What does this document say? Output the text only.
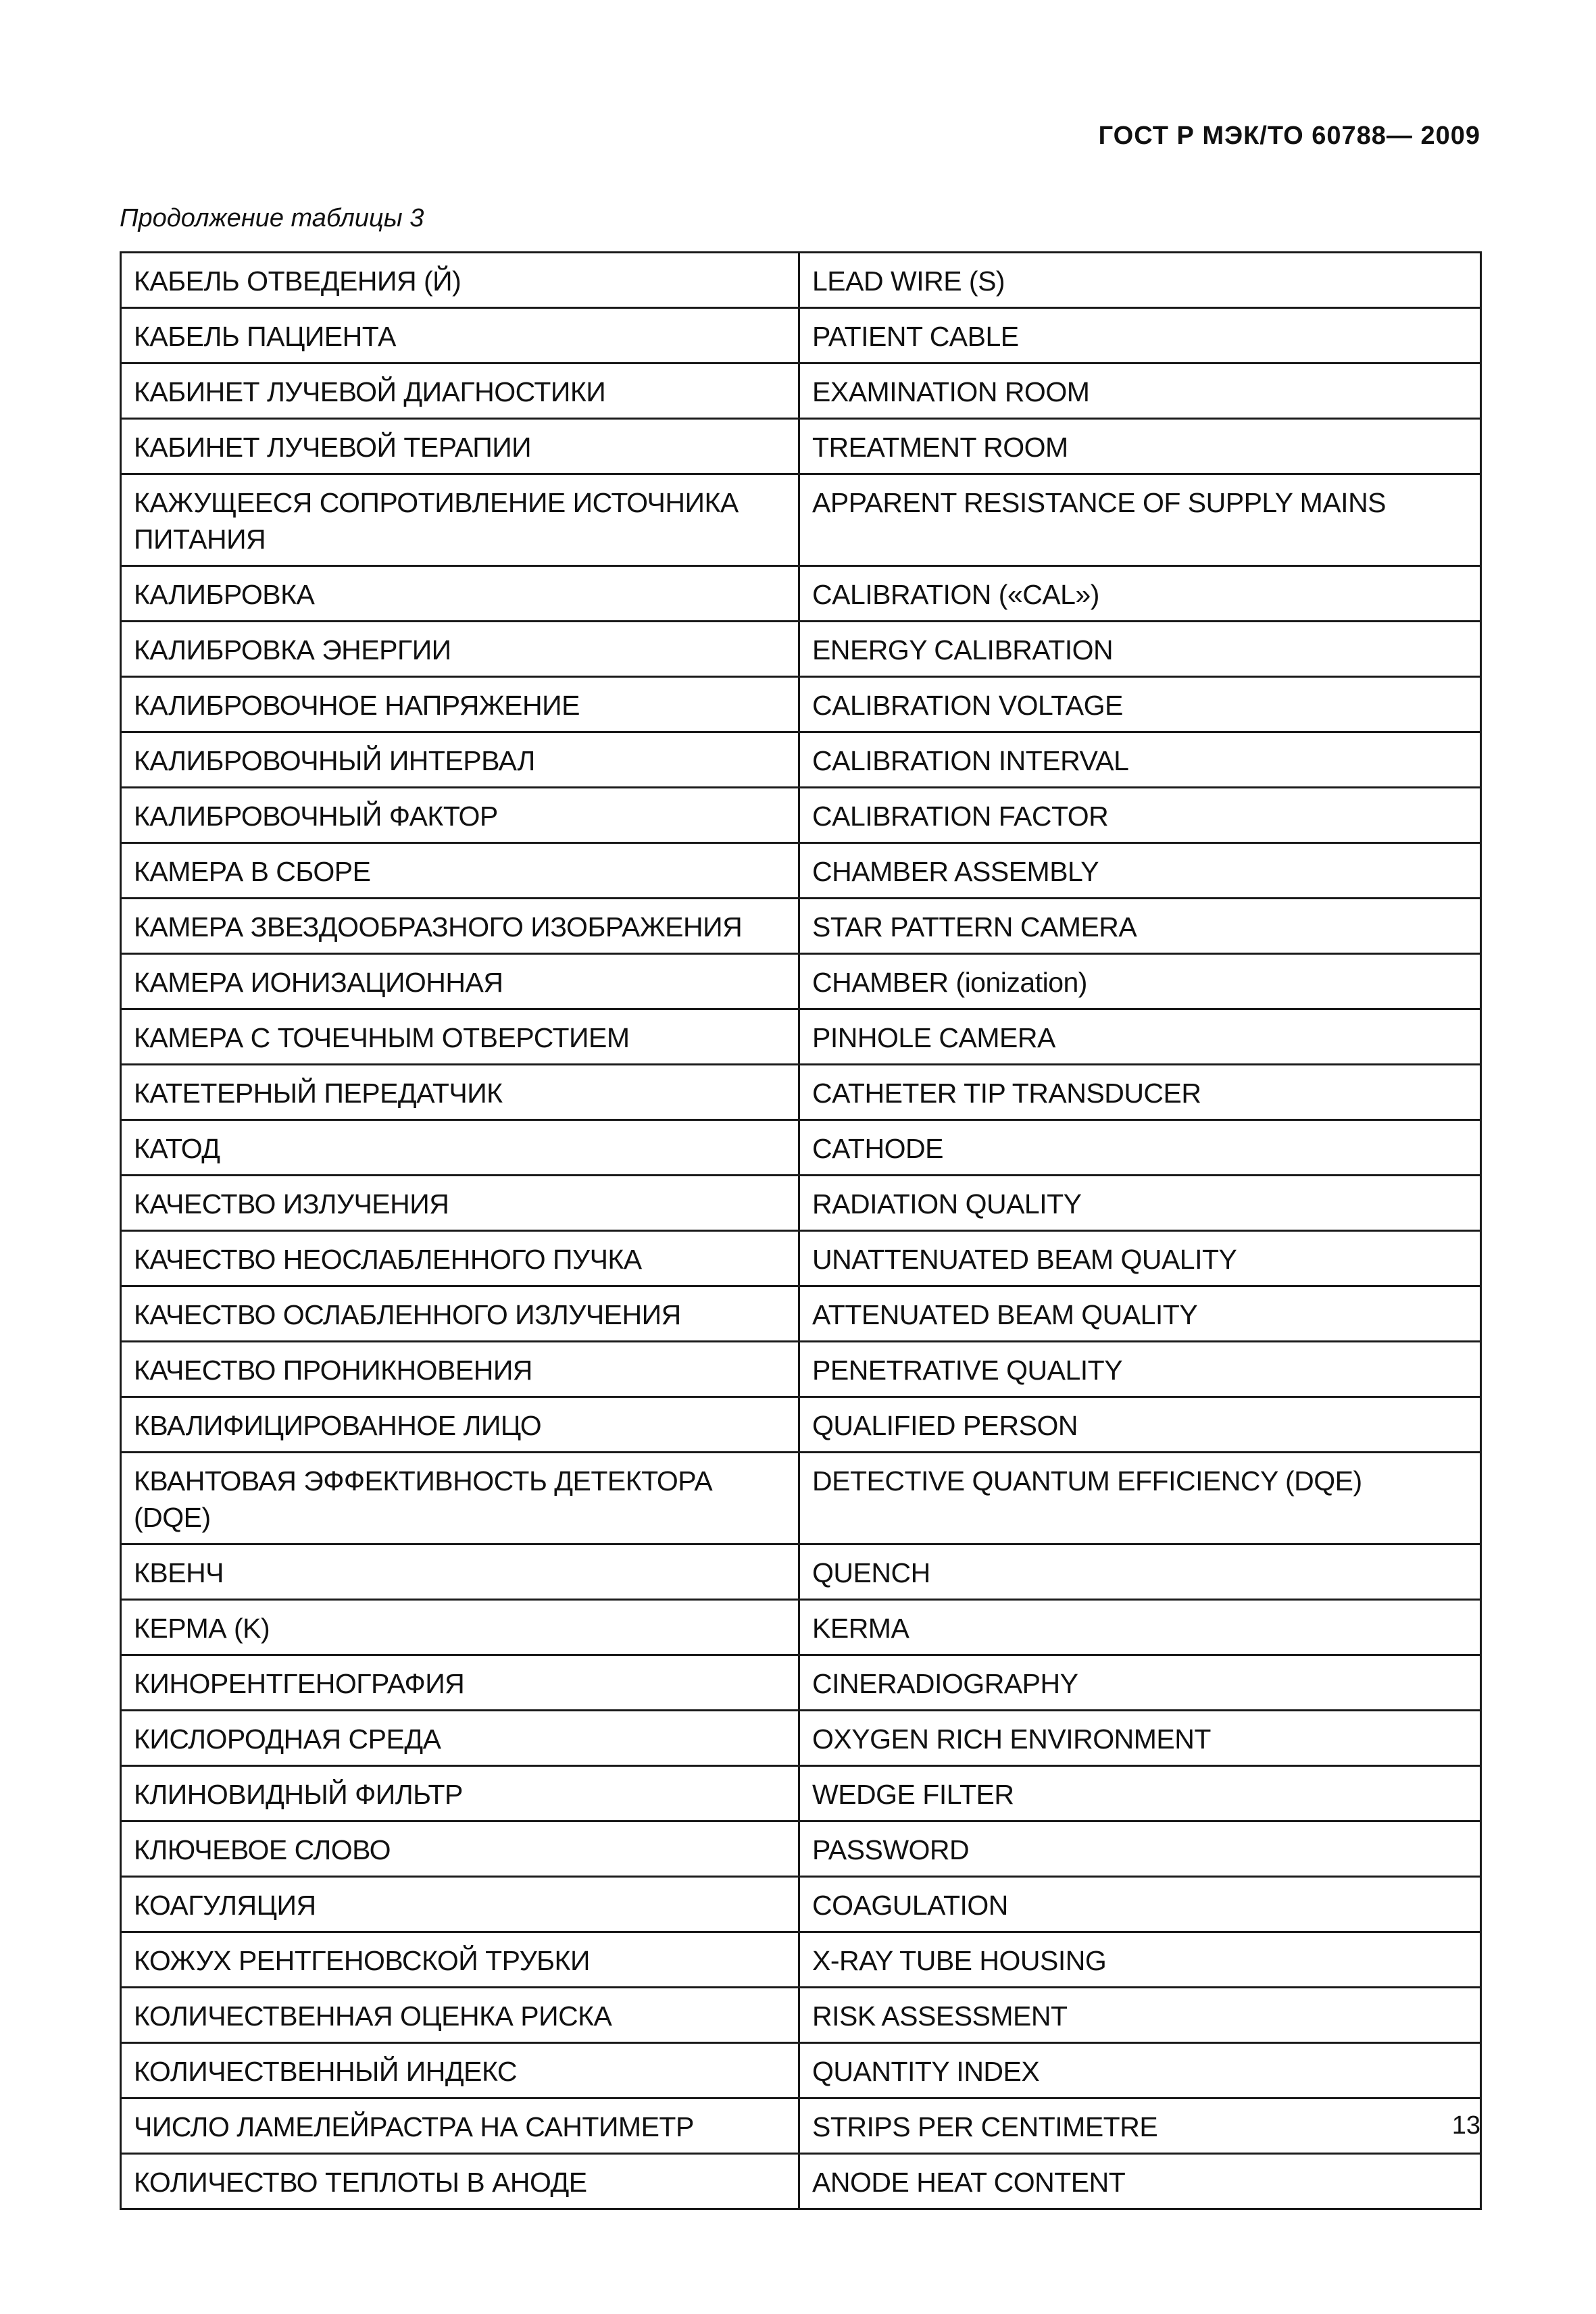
ГОСТ Р МЭК/ТО 60788— 2009
Продолжение таблицы 3
КАБЕЛЬ ОТВЕДЕНИЯ (Й)	LEAD WIRE (S)
КАБЕЛЬ ПАЦИЕНТА	PATIENT CABLE
КАБИНЕТ ЛУЧЕВОЙ ДИАГНОСТИКИ	EXAMINATION ROOM
КАБИНЕТ ЛУЧЕВОЙ ТЕРАПИИ	TREATMENT ROOM
КАЖУЩЕЕСЯ СОПРОТИВЛЕНИЕ ИСТОЧНИКА ПИТАНИЯ	APPARENT RESISTANCE OF SUPPLY MAINS
КАЛИБРОВКА	CALIBRATION («CAL»)
КАЛИБРОВКА ЭНЕРГИИ	ENERGY CALIBRATION
КАЛИБРОВОЧНОЕ НАПРЯЖЕНИЕ	CALIBRATION VOLTAGE
КАЛИБРОВОЧНЫЙ ИНТЕРВАЛ	CALIBRATION INTERVAL
КАЛИБРОВОЧНЫЙ ФАКТОР	CALIBRATION FACTOR
КАМЕРА В СБОРЕ	CHAMBER ASSEMBLY
КАМЕРА ЗВЕЗДООБРАЗНОГО ИЗОБРАЖЕНИЯ	STAR PATTERN CAMERA
КАМЕРА ИОНИЗАЦИОННАЯ	CHAMBER (ionization)
КАМЕРА С ТОЧЕЧНЫМ ОТВЕРСТИЕМ	PINHOLE CAMERA
КАТЕТЕРНЫЙ ПЕРЕДАТЧИК	CATHETER TIP TRANSDUCER
КАТОД	CATHODE
КАЧЕСТВО ИЗЛУЧЕНИЯ	RADIATION QUALITY
КАЧЕСТВО НЕОСЛАБЛЕННОГО ПУЧКА	UNATTENUATED BEAM QUALITY
КАЧЕСТВО ОСЛАБЛЕННОГО ИЗЛУЧЕНИЯ	ATTENUATED BEAM QUALITY
КАЧЕСТВО ПРОНИКНОВЕНИЯ	PENETRATIVE QUALITY
КВАЛИФИЦИРОВАННОЕ ЛИЦО	QUALIFIED PERSON
КВАНТОВАЯ ЭФФЕКТИВНОСТЬ ДЕТЕКТОРА (DQE)	DETECTIVE QUANTUM EFFICIENCY (DQE)
КВЕНЧ	QUENCH
КЕРМА (K)	KERMA
КИНОРЕНТГЕНОГРАФИЯ	CINERADIOGRAPHY
КИСЛОРОДНАЯ СРЕДА	OXYGEN RICH ENVIRONMENT
КЛИНОВИДНЫЙ ФИЛЬТР	WEDGE FILTER
КЛЮЧЕВОЕ СЛОВО	PASSWORD
КОАГУЛЯЦИЯ	COAGULATION
КОЖУХ РЕНТГЕНОВСКОЙ ТРУБКИ	X-RAY TUBE HOUSING
КОЛИЧЕСТВЕННАЯ ОЦЕНКА РИСКА	RISK ASSESSMENT
КОЛИЧЕСТВЕННЫЙ ИНДЕКС	QUANTITY INDEX
ЧИСЛО ЛАМЕЛЕЙРАСТРА НА САНТИМЕТР	STRIPS PER CENTIMETRE
КОЛИЧЕСТВО ТЕПЛОТЫ В АНОДЕ	ANODE HEAT CONTENT
13
